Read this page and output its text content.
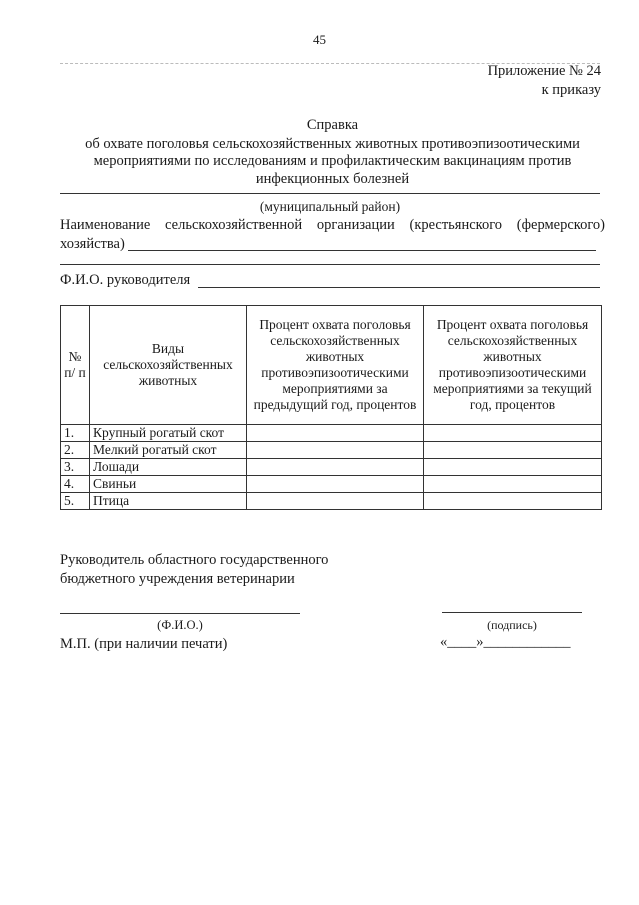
45
Приложение № 24
к приказу
Справка
об охвате поголовья сельскохозяйственных животных противоэпизоотическими
мероприятиями по исследованиям и профилактическим вакцинациям против
инфекционных болезней
(муниципальный район)
Наименование сельскохозяйственной организации (крестьянского (фермерского)
хозяйства)
Ф.И.О. руководителя
№ п/ п	Виды сельскохозяйственных животных	Процент охвата поголовья сельскохозяйственных животных противоэпизоотическими мероприятиями за предыдущий год, процентов	Процент охвата поголовья сельскохозяйственных животных противоэпизоотическими мероприятиями за текущий год, процентов
1.	Крупный рогатый скот		
2.	Мелкий рогатый скот		
3.	Лошади		
4.	Свиньи		
5.	Птица		
Руководитель областного государственного
бюджетного учреждения ветеринарии
(Ф.И.О.)	(подпись)
М.П. (при наличии печати)	«____»____________
